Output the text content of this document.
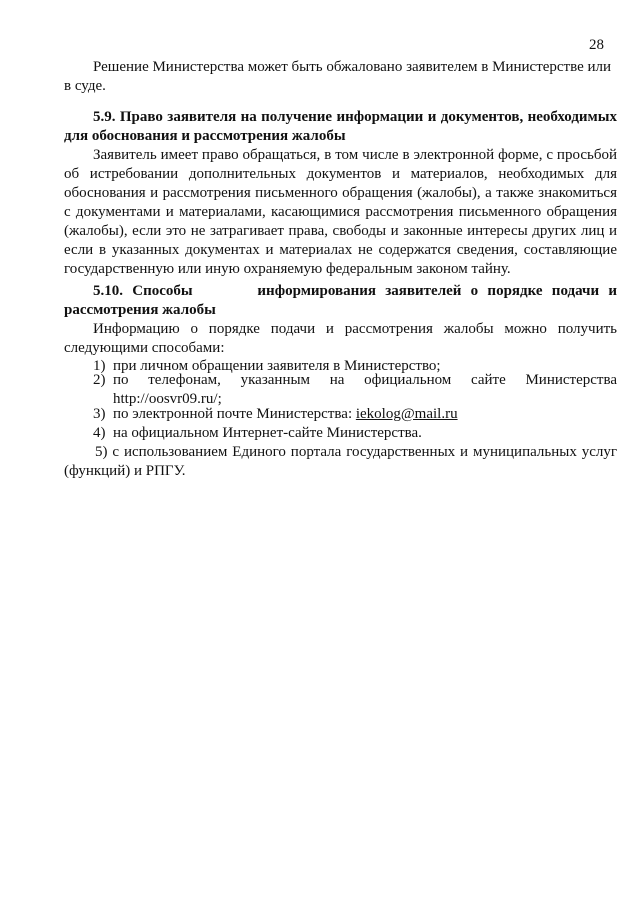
28

Решение Министерства может быть обжаловано заявителем в Министерстве или

в суде.

5.9. Право заявителя на получение информации и документов, необходимых

для обоснования и рассмотрения жалобы

Заявитель имеет право обращаться, в том числе в электронной форме, с просьбой об истребовании дополнительных документов и материалов, необходимых для обоснования и рассмотрения письменного обращения (жалобы), а также знакомиться с документами и материалами, касающимися рассмотрения письменного обращения (жалобы), если это не затрагивает права, свободы и законные интересы других лиц и если в указанных документах и материалах не содержатся сведения, составляющие государственную или иную охраняемую федеральным законом тайну.

5.10. Способы       информирования заявителей о порядке подачи и

рассмотрения жалобы

Информацию о порядке подачи и рассмотрения жалобы можно получить следующими способами:

1) при личном обращении заявителя в Министерство;
2) по телефонам, указанным на официальном сайте Министерства
http://oosvr09.ru/;
3) по электронной почте Министерства: iekolog@mail.ru
4) на официальном Интернет-сайте Министерства.

5) с использованием Единого портала государственных и муниципальных услуг (функций) и РПГУ.
